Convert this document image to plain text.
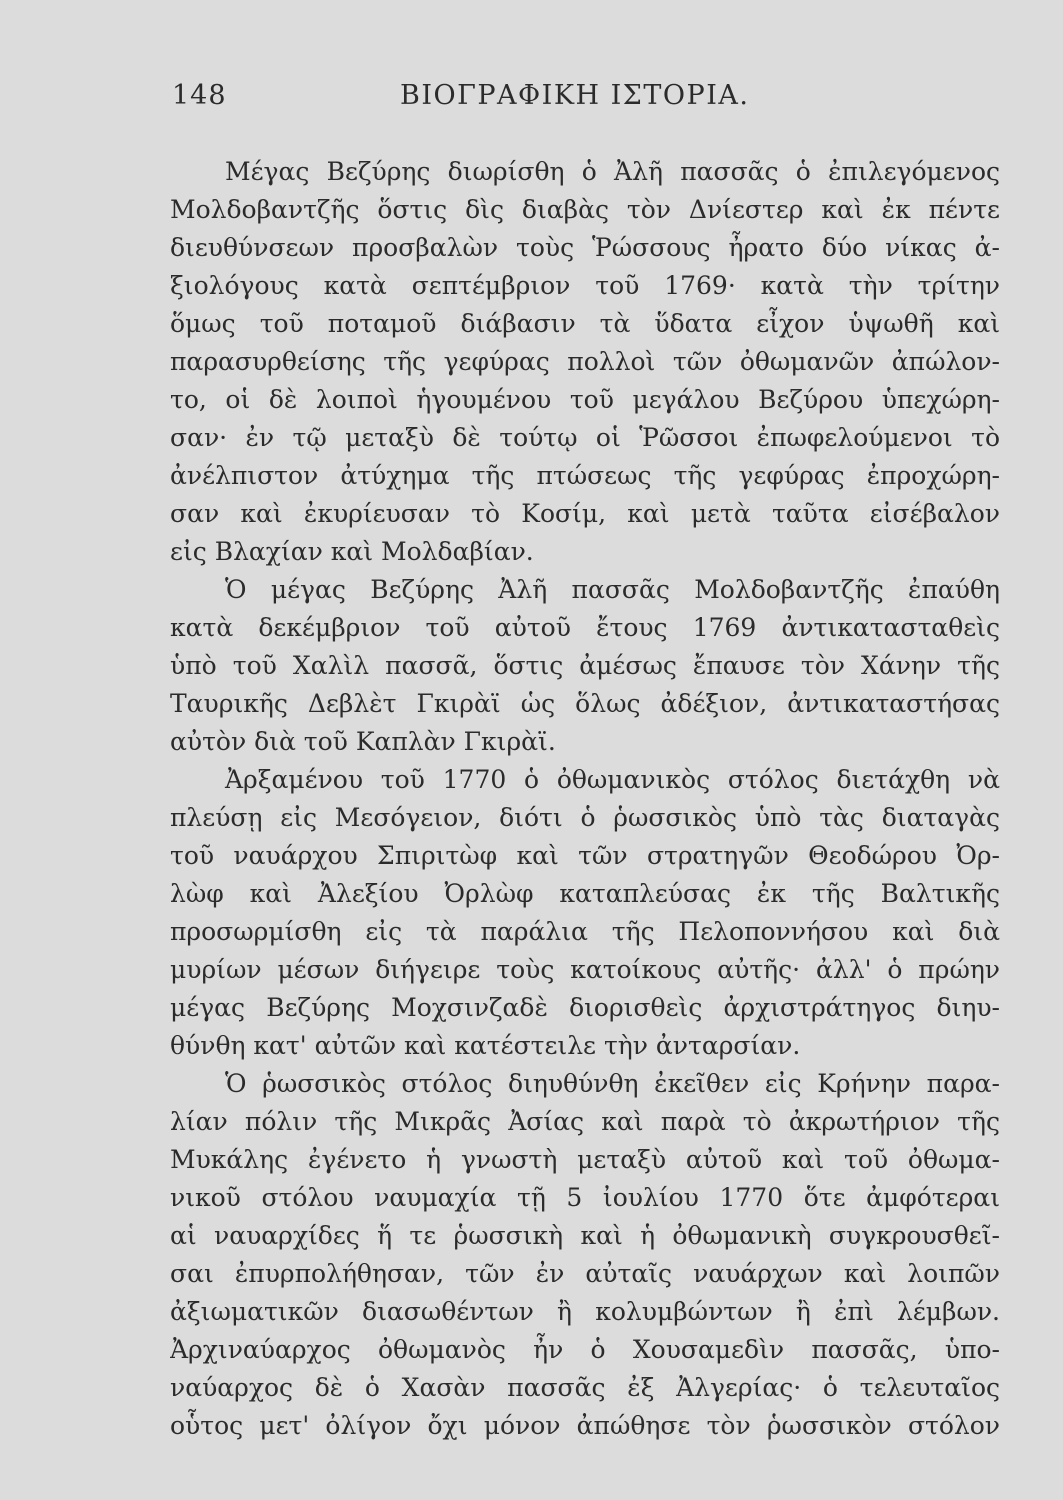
148	ΒΙΟΓΡΑΦΙΚΗ ΙΣΤΟΡΙΑ.
Μέγας Βεζύρης διωρίσθη ὁ Ἀλῆ πασσᾶς ὁ ἐπιλεγόμενος
Μολδοβαντζῆς ὅστις δὶς διαβὰς τὸν Δνίεστερ καὶ ἐκ πέντε
διευθύνσεων προσβαλὼν τοὺς Ῥώσσους ἦρατο δύο νίκας ἀ-
ξιολόγους κατὰ σεπτέμβριον τοῦ 1769· κατὰ τὴν τρίτην
ὅμως τοῦ ποταμοῦ διάβασιν τὰ ὕδατα εἶχον ὑψωθῆ καὶ
παρασυρθείσης τῆς γεφύρας πολλοὶ τῶν ὀθωμανῶν ἀπώλον-
το, οἱ δὲ λοιποὶ ἡγουμένου τοῦ μεγάλου Βεζύρου ὑπεχώρη-
σαν· ἐν τῷ μεταξὺ δὲ τούτῳ οἱ Ῥῶσσοι ἐπωφελούμενοι τὸ
ἀνέλπιστον ἀτύχημα τῆς πτώσεως τῆς γεφύρας ἐπροχώρη-
σαν καὶ ἐκυρίευσαν τὸ Κοσίμ, καὶ μετὰ ταῦτα εἰσέβαλον
εἰς Βλαχίαν καὶ Μολδαβίαν.
Ὁ μέγας Βεζύρης Ἀλῆ πασσᾶς Μολδοβαντζῆς ἐπαύθη
κατὰ δεκέμβριον τοῦ αὐτοῦ ἔτους 1769 ἀντικατασταθεὶς
ὑπὸ τοῦ Χαλὶλ πασσᾶ, ὅστις ἀμέσως ἔπαυσε τὸν Χάνην τῆς
Ταυρικῆς Δεβλὲτ Γκιρὰϊ ὡς ὅλως ἀδέξιον, ἀντικαταστήσας
αὐτὸν διὰ τοῦ Καπλὰν Γκιρὰϊ.
Ἀρξαμένου τοῦ 1770 ὁ ὀθωμανικὸς στόλος διετάχθη νὰ
πλεύσῃ εἰς Μεσόγειον, διότι ὁ ῥωσσικὸς ὑπὸ τὰς διαταγὰς
τοῦ ναυάρχου Σπιριτὼφ καὶ τῶν στρατηγῶν Θεοδώρου Ὀρ-
λὼφ καὶ Ἀλεξίου Ὀρλὼφ καταπλεύσας ἐκ τῆς Βαλτικῆς
προσωρμίσθη εἰς τὰ παράλια τῆς Πελοποννήσου καὶ διὰ
μυρίων μέσων διήγειρε τοὺς κατοίκους αὐτῆς· ἀλλ' ὁ πρώην
μέγας Βεζύρης Μοχσινζαδὲ διορισθεὶς ἀρχιστράτηγος διηυ-
θύνθη κατ' αὐτῶν καὶ κατέστειλε τὴν ἀνταρσίαν.
Ὁ ῥωσσικὸς στόλος διηυθύνθη ἐκεῖθεν εἰς Κρήνην παρα-
λίαν πόλιν τῆς Μικρᾶς Ἀσίας καὶ παρὰ τὸ ἀκρωτήριον τῆς
Μυκάλης ἐγένετο ἡ γνωστὴ μεταξὺ αὐτοῦ καὶ τοῦ ὀθωμα-
νικοῦ στόλου ναυμαχία τῇ 5 ἰουλίου 1770 ὅτε ἀμφότεραι
αἱ ναυαρχίδες ἥ τε ῥωσσικὴ καὶ ἡ ὀθωμανικὴ συγκρουσθεῖ-
σαι ἐπυρπολήθησαν, τῶν ἐν αὐταῖς ναυάρχων καὶ λοιπῶν
ἀξιωματικῶν διασωθέντων ἢ κολυμβώντων ἢ ἐπὶ λέμβων.
Ἀρχιναύαρχος ὀθωμανὸς ἦν ὁ Χουσαμεδὶν πασσᾶς, ὑπο-
ναύαρχος δὲ ὁ Χασὰν πασσᾶς ἐξ Ἀλγερίας· ὁ τελευταῖος
οὗτος μετ' ὀλίγον ὄχι μόνον ἀπώθησε τὸν ῥωσσικὸν στόλον
